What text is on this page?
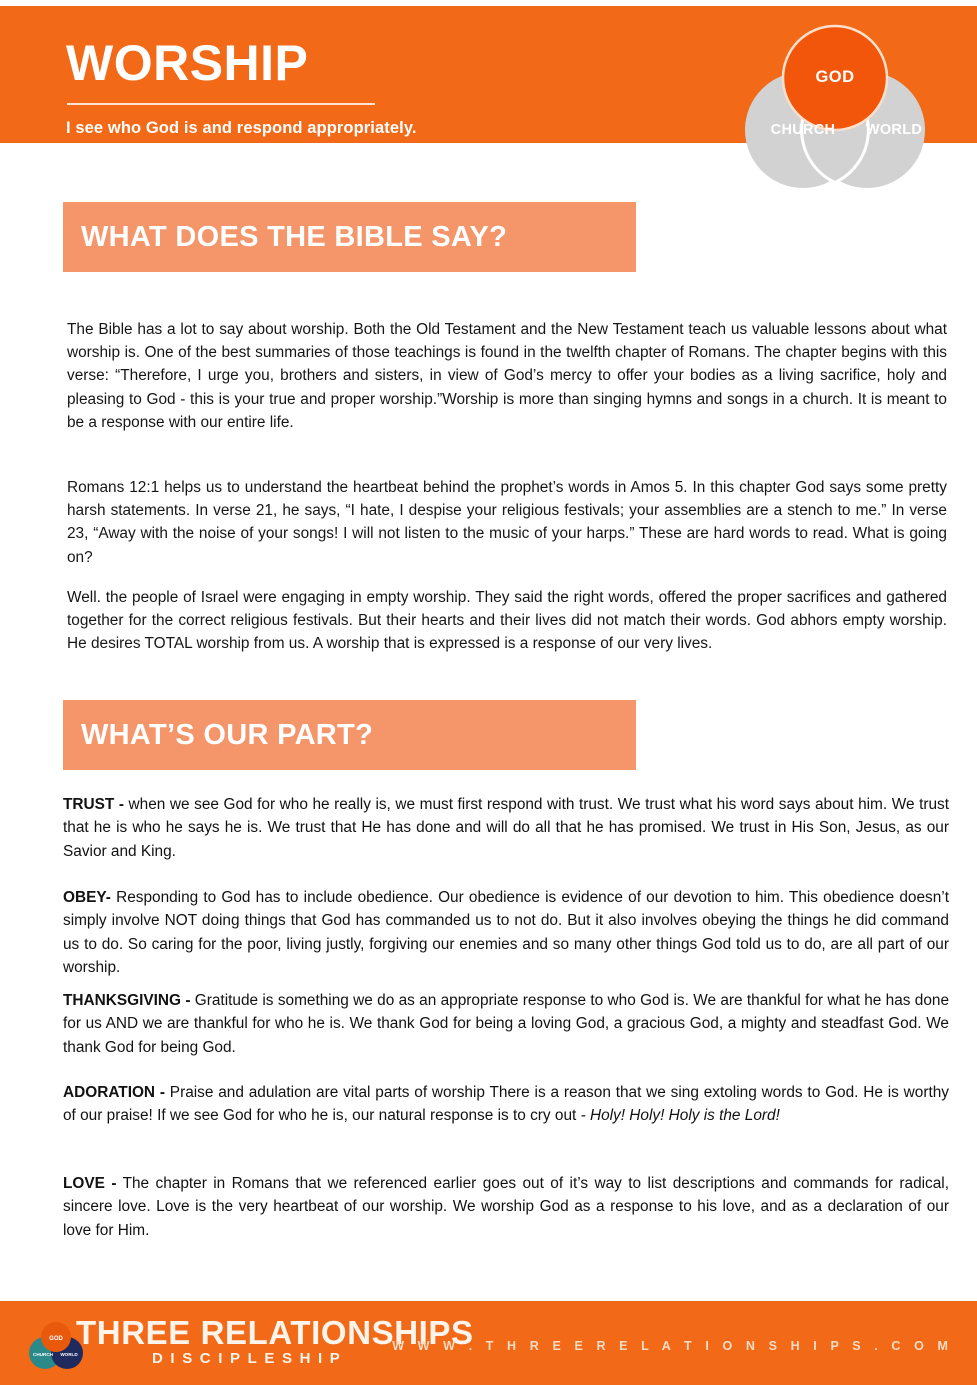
WORSHIP
I see who God is and respond appropriately.
GOD
CHURCH	WORLD
WHAT DOES THE BIBLE SAY?
The Bible has a lot to say about worship. Both the Old Testament and the New Testament teach us valuable lessons about what worship is. One of the best summaries of those teachings is found in the twelfth chapter of Romans. The chapter begins with this verse: “Therefore, I urge you, brothers and sisters, in view of God’s mercy to offer your bodies as a living sacrifice, holy and pleasing to God - this is your true and proper worship.”Worship is more than singing hymns and songs in a church. It is meant to be a response with our entire life.
Romans 12:1 helps us to understand the heartbeat behind the prophet’s words in Amos 5. In this chapter God says some pretty harsh statements. In verse 21, he says, “I hate, I despise your religious festivals; your assemblies are a stench to me.” In verse 23, “Away with the noise of your songs! I will not listen to the music of your harps.” These are hard words to read. What is going on?
Well. the people of Israel were engaging in empty worship. They said the right words, offered the proper sacrifices and gathered together for the correct religious festivals. But their hearts and their lives did not match their words. God abhors empty worship. He desires TOTAL worship from us. A worship that is expressed is a response of our very lives.
WHAT’S OUR PART?
TRUST - when we see God for who he really is, we must first respond with trust. We trust what his word says about him. We trust that he is who he says he is. We trust that He has done and will do all that he has promised. We trust in His Son, Jesus, as our Savior and King.
OBEY- Responding to God has to include obedience. Our obedience is evidence of our devotion to him. This obedience doesn’t simply involve NOT doing things that God has commanded us to not do. But it also involves obeying the things he did command us to do. So caring for the poor, living justly, forgiving our enemies and so many other things God told us to do, are all part of our worship.
THANKSGIVING - Gratitude is something we do as an appropriate response to who God is. We are thankful for what he has done for us AND we are thankful for who he is. We thank God for being a loving God, a gracious God, a mighty and steadfast God. We thank God for being God.
ADORATION - Praise and adulation are vital parts of worship There is a reason that we sing extoling words to God. He is worthy of our praise! If we see God for who he is, our natural response is to cry out - Holy! Holy! Holy is the Lord!
LOVE - The chapter in Romans that we referenced earlier goes out of it’s way to list descriptions and commands for radical, sincere love. Love is the very heartbeat of our worship. We worship God as a response to his love, and as a declaration of our love for Him.
GOD
CHURCH WORLD
THREE RELATIONSHIPS
DISCIPLESHIP
W W W . T H R E E R E L A T I O N S H I P S . C O M
